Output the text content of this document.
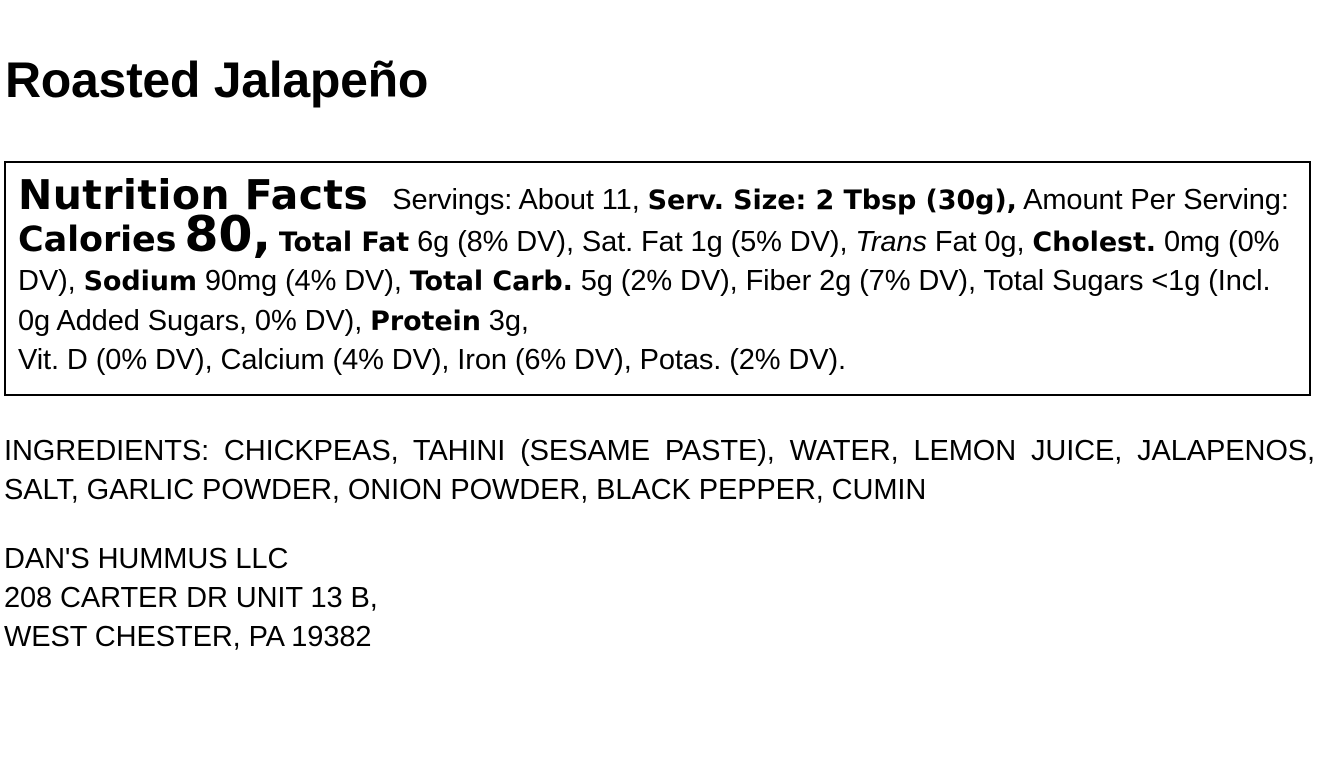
Roasted Jalapeño

Nutrition Facts Servings: About 11, Serv. Size: 2 Tbsp (30g), Amount Per Serving: Calories 80, Total Fat 6g (8% DV), Sat. Fat 1g (5% DV), Trans Fat 0g, Cholest. 0mg (0% DV), Sodium 90mg (4% DV), Total Carb. 5g (2% DV), Fiber 2g (7% DV), Total Sugars <1g (Incl. 0g Added Sugars, 0% DV), Protein 3g,
Vit. D (0% DV), Calcium (4% DV), Iron (6% DV), Potas. (2% DV).

INGREDIENTS: CHICKPEAS, TAHINI (SESAME PASTE), WATER, LEMON JUICE, JALAPENOS, SALT, GARLIC POWDER, ONION POWDER, BLACK PEPPER, CUMIN

DAN'S HUMMUS LLC
208 CARTER DR UNIT 13 B,
WEST CHESTER, PA 19382
